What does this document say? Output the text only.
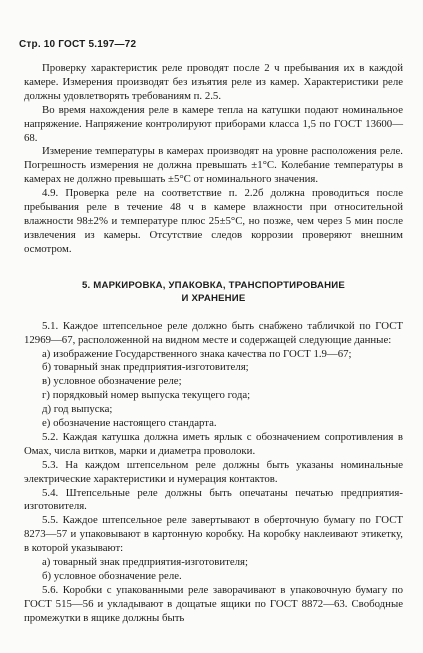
Стр. 10 ГОСТ 5.197—72

Проверку характеристик реле проводят после 2 ч пребывания их в каждой камере. Измерения производят без изъятия реле из камер. Характеристики реле должны удовлетворять требованиям п. 2.5.

Во время нахождения реле в камере тепла на катушки подают номинальное напряжение. Напряжение контролируют приборами класса 1,5 по ГОСТ 13600—68.

Измерение температуры в камерах производят на уровне расположения реле. Погрешность измерения не должна превышать ±1°С. Колебание температуры в камерах не должно превышать ±5°С от номинального значения.

4.9. Проверка реле на соответствие п. 2.2б должна проводиться после пребывания реле в течение 48 ч в камере влажности при относительной влажности 98±2% и температуре плюс 25±5°С, но позже, чем через 5 мин после извлечения из камеры. Отсутствие следов коррозии проверяют внешним осмотром.

5. МАРКИРОВКА, УПАКОВКА, ТРАНСПОРТИРОВАНИЕ

И ХРАНЕНИЕ

5.1. Каждое штепсельное реле должно быть снабжено табличкой по ГОСТ 12969—67, расположенной на видном месте и содержащей следующие данные:

а) изображение Государственного знака качества по ГОСТ 1.9—67;

б) товарный знак предприятия-изготовителя;

в) условное обозначение реле;

г) порядковый номер выпуска текущего года;

д) год выпуска;

е) обозначение настоящего стандарта.

5.2. Каждая катушка должна иметь ярлык с обозначением сопротивления в Омах, числа витков, марки и диаметра проволоки.

5.3. На каждом штепсельном реле должны быть указаны номинальные электрические характеристики и нумерация контактов.

5.4. Штепсельные реле должны быть опечатаны печатью предприятия-изготовителя.

5.5. Каждое штепсельное реле завертывают в оберточную бумагу по ГОСТ 8273—57 и упаковывают в картонную коробку. На коробку наклеивают этикетку, в которой указывают:

а) товарный знак предприятия-изготовителя;

б) условное обозначение реле.

5.6. Коробки с упакованными реле заворачивают в упаковочную бумагу по ГОСТ 515—56 и укладывают в дощатые ящики по ГОСТ 8872—63. Свободные промежутки в ящике должны быть
